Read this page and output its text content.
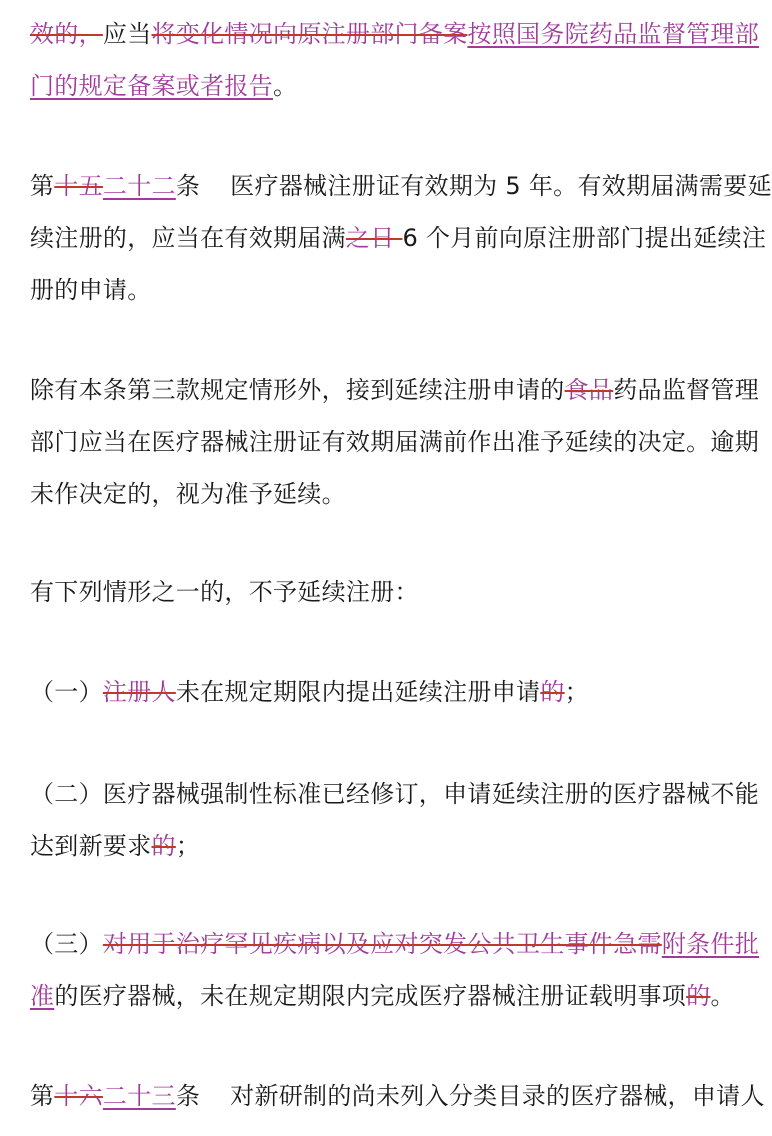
效的，应当将变化情况向原注册部门备案按照国务院药品监督管理部
门的规定备案或者报告。
第十五二十二条 医疗器械注册证有效期为 5 年。有效期届满需要延
续注册的，应当在有效期届满之日 6 个月前向原注册部门提出延续注
册的申请。
除有本条第三款规定情形外，接到延续注册申请的食品药品监督管理
部门应当在医疗器械注册证有效期届满前作出准予延续的决定。逾期
未作决定的，视为准予延续。
有下列情形之一的，不予延续注册：
（一）注册人未在规定期限内提出延续注册申请的；
（二）医疗器械强制性标准已经修订，申请延续注册的医疗器械不能
达到新要求的；
（三）对用于治疗罕见疾病以及应对突发公共卫生事件急需附条件批
准的医疗器械，未在规定期限内完成医疗器械注册证载明事项的。
第十六二十三条 对新研制的尚未列入分类目录的医疗器械，申请人
